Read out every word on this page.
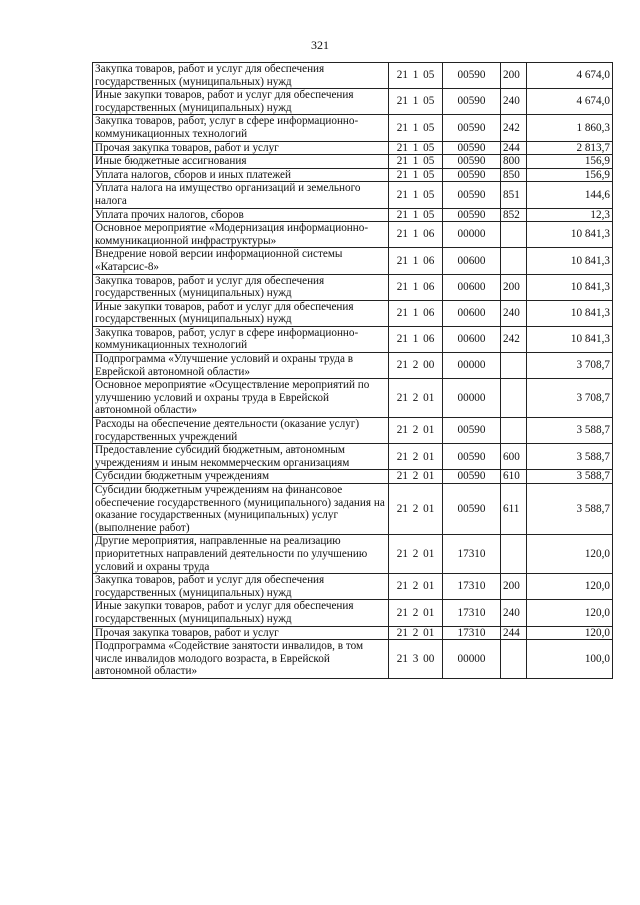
321
Закупка товаров, работ и услуг для обеспечения государственных (муниципальных) нужд	21 1 05	00590	200	4 674,0
Иные закупки товаров, работ и услуг для обеспечения государственных (муниципальных) нужд	21 1 05	00590	240	4 674,0
Закупка товаров, работ, услуг в сфере информационно-коммуникационных технологий	21 1 05	00590	242	1 860,3
Прочая закупка товаров, работ и услуг	21 1 05	00590	244	2 813,7
Иные бюджетные ассигнования	21 1 05	00590	800	156,9
Уплата налогов, сборов и иных платежей	21 1 05	00590	850	156,9
Уплата налога на имущество организаций и земельного налога	21 1 05	00590	851	144,6
Уплата прочих налогов, сборов	21 1 05	00590	852	12,3
Основное мероприятие «Модернизация информационно-коммуникационной инфраструктуры»	21 1 06	00000		10 841,3
Внедрение новой версии информационной системы «Катарсис-8»	21 1 06	00600		10 841,3
Закупка товаров, работ и услуг для обеспечения государственных (муниципальных) нужд	21 1 06	00600	200	10 841,3
Иные закупки товаров, работ и услуг для обеспечения государственных (муниципальных) нужд	21 1 06	00600	240	10 841,3
Закупка товаров, работ, услуг в сфере информационно-коммуникационных технологий	21 1 06	00600	242	10 841,3
Подпрограмма «Улучшение условий и охраны труда в Еврейской автономной области»	21 2 00	00000		3 708,7
Основное мероприятие «Осуществление мероприятий по улучшению условий и охраны труда в Еврейской автономной области»	21 2 01	00000		3 708,7
Расходы на обеспечение деятельности (оказание услуг) государственных учреждений	21 2 01	00590		3 588,7
Предоставление субсидий бюджетным, автономным учреждениям и иным некоммерческим организациям	21 2 01	00590	600	3 588,7
Субсидии бюджетным учреждениям	21 2 01	00590	610	3 588,7
Субсидии бюджетным учреждениям на финансовое обеспечение государственного (муниципального) задания на оказание государственных (муниципальных) услуг (выполнение работ)	21 2 01	00590	611	3 588,7
Другие мероприятия, направленные на реализацию приоритетных направлений деятельности по улучшению условий и охраны труда	21 2 01	17310		120,0
Закупка товаров, работ и услуг для обеспечения государственных (муниципальных) нужд	21 2 01	17310	200	120,0
Иные закупки товаров, работ и услуг для обеспечения государственных (муниципальных) нужд	21 2 01	17310	240	120,0
Прочая закупка товаров, работ и услуг	21 2 01	17310	244	120,0
Подпрограмма «Содействие занятости инвалидов, в том числе инвалидов молодого возраста, в Еврейской автономной области»	21 3 00	00000		100,0
